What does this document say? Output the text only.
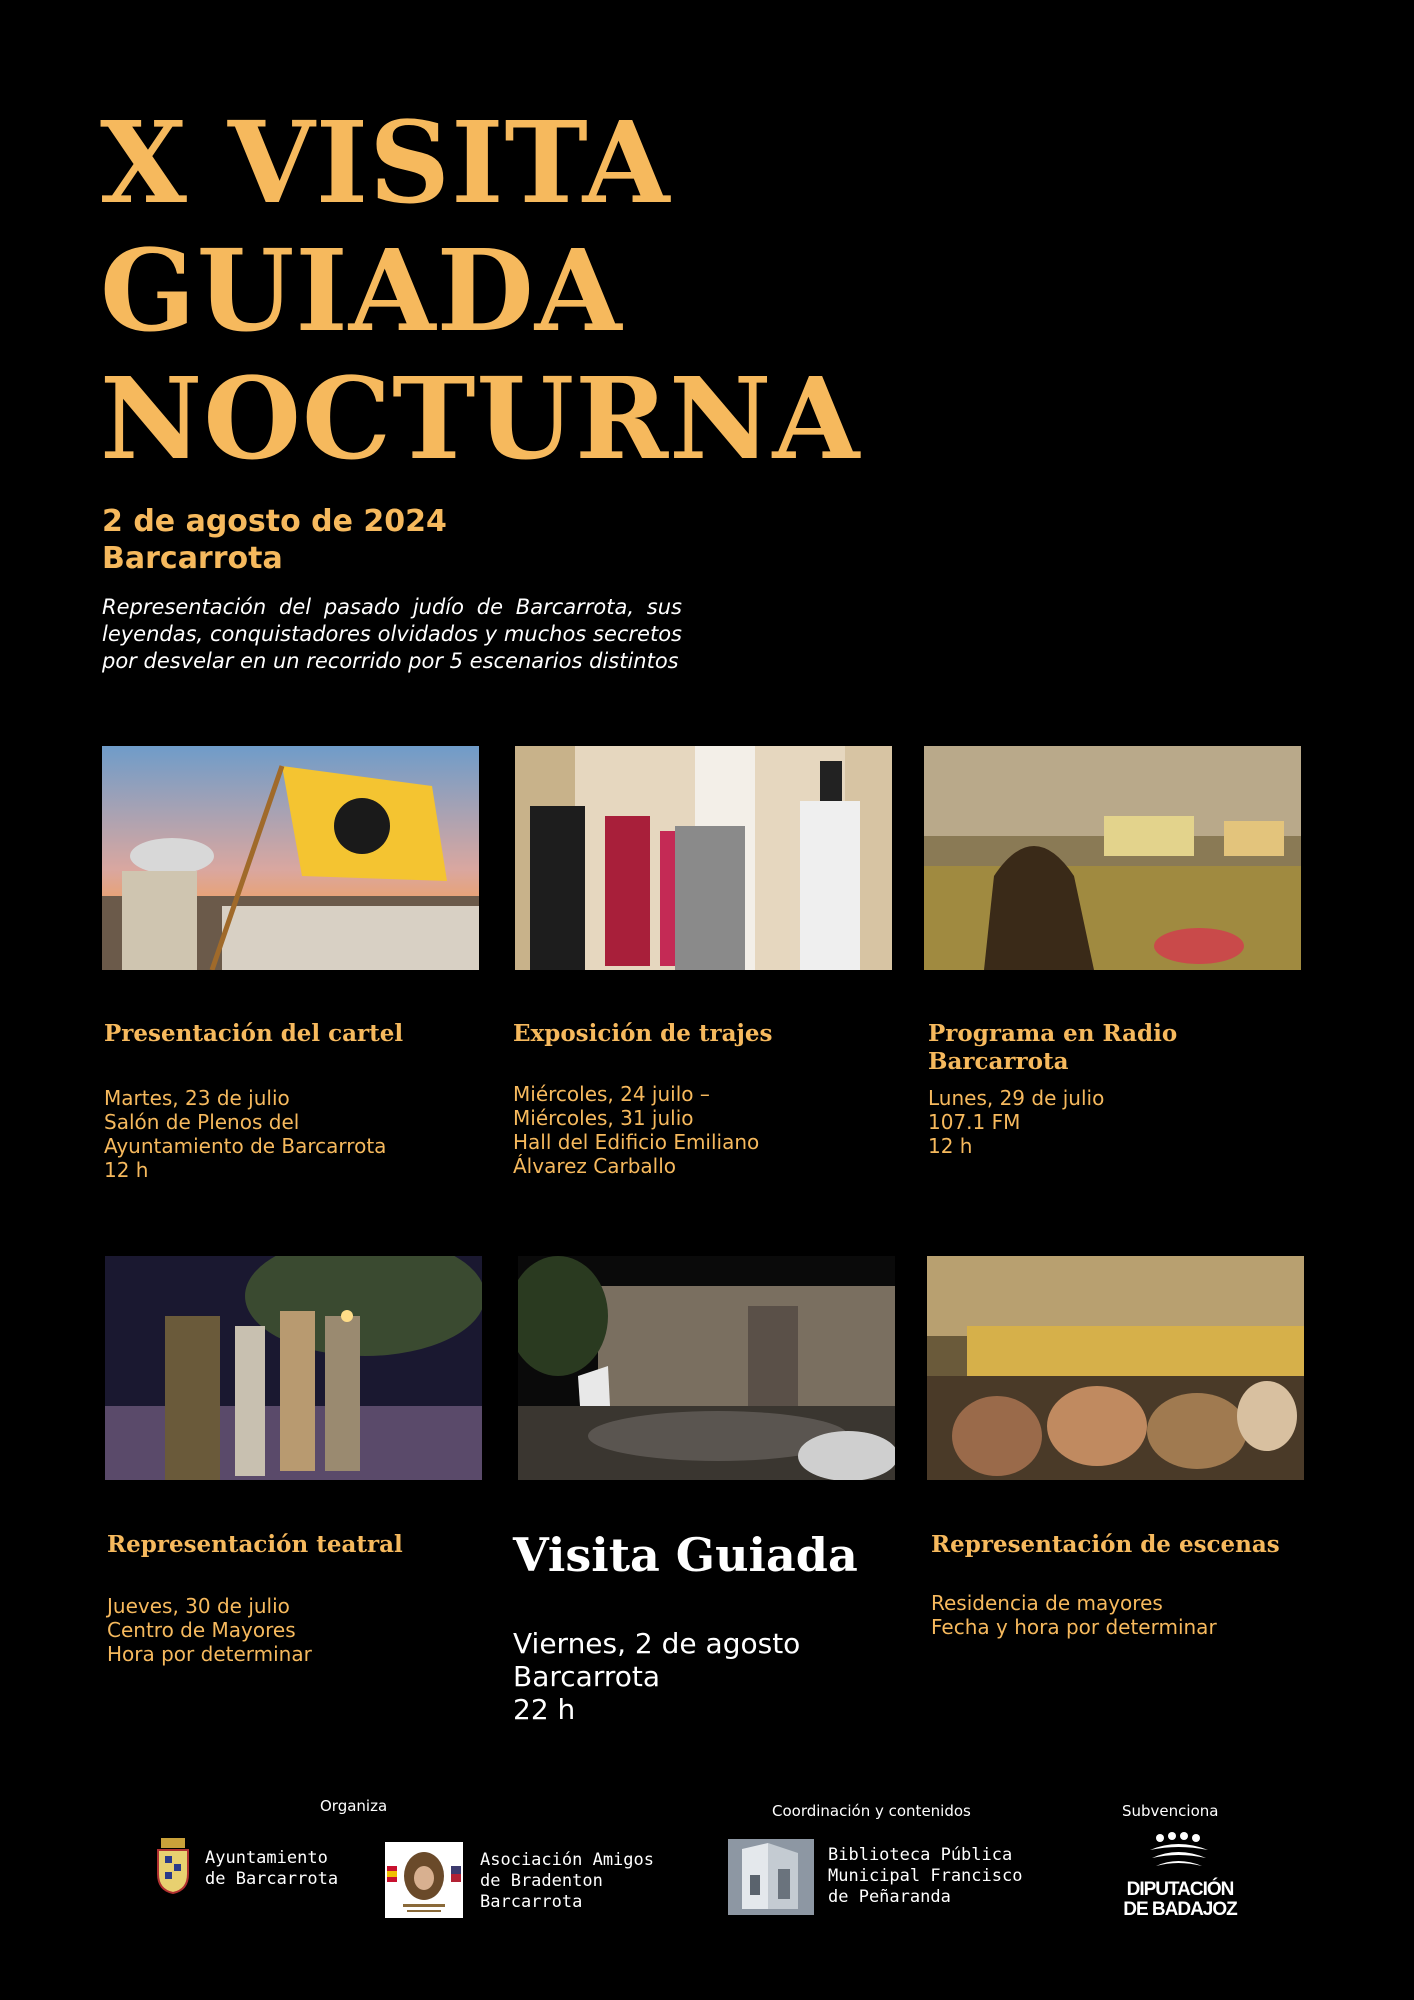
X VISITA
GUIADA
NOCTURNA
2 de agosto de 2024
Barcarrota
Representación del pasado judío de Barcarrota, sus leyendas, conquistadores olvidados y muchos secretos por desvelar en un recorrido por 5 escenarios distintos
Presentación del cartel
Martes, 23 de julio
Salón de Plenos del
Ayuntamiento de Barcarrota
12 h
Exposición de trajes
Miércoles, 24 juilo –
Miércoles, 31 julio
Hall del Edificio Emiliano
Álvarez Carballo
Programa en Radio Barcarrota
Lunes, 29 de julio
107.1 FM
12 h
Representación teatral
Jueves, 30 de julio
Centro de Mayores
Hora por determinar
Visita Guiada
Viernes, 2 de agosto
Barcarrota
22 h
Representación de escenas
Residencia de mayores
Fecha y hora por determinar
Organiza	Coordinación y contenidos	Subvenciona
Ayuntamiento
de Barcarrota
Asociación Amigos
de Bradenton
Barcarrota
Biblioteca Pública
Municipal Francisco
de Peñaranda	DIPUTACIÓN
DE BADAJOZ
